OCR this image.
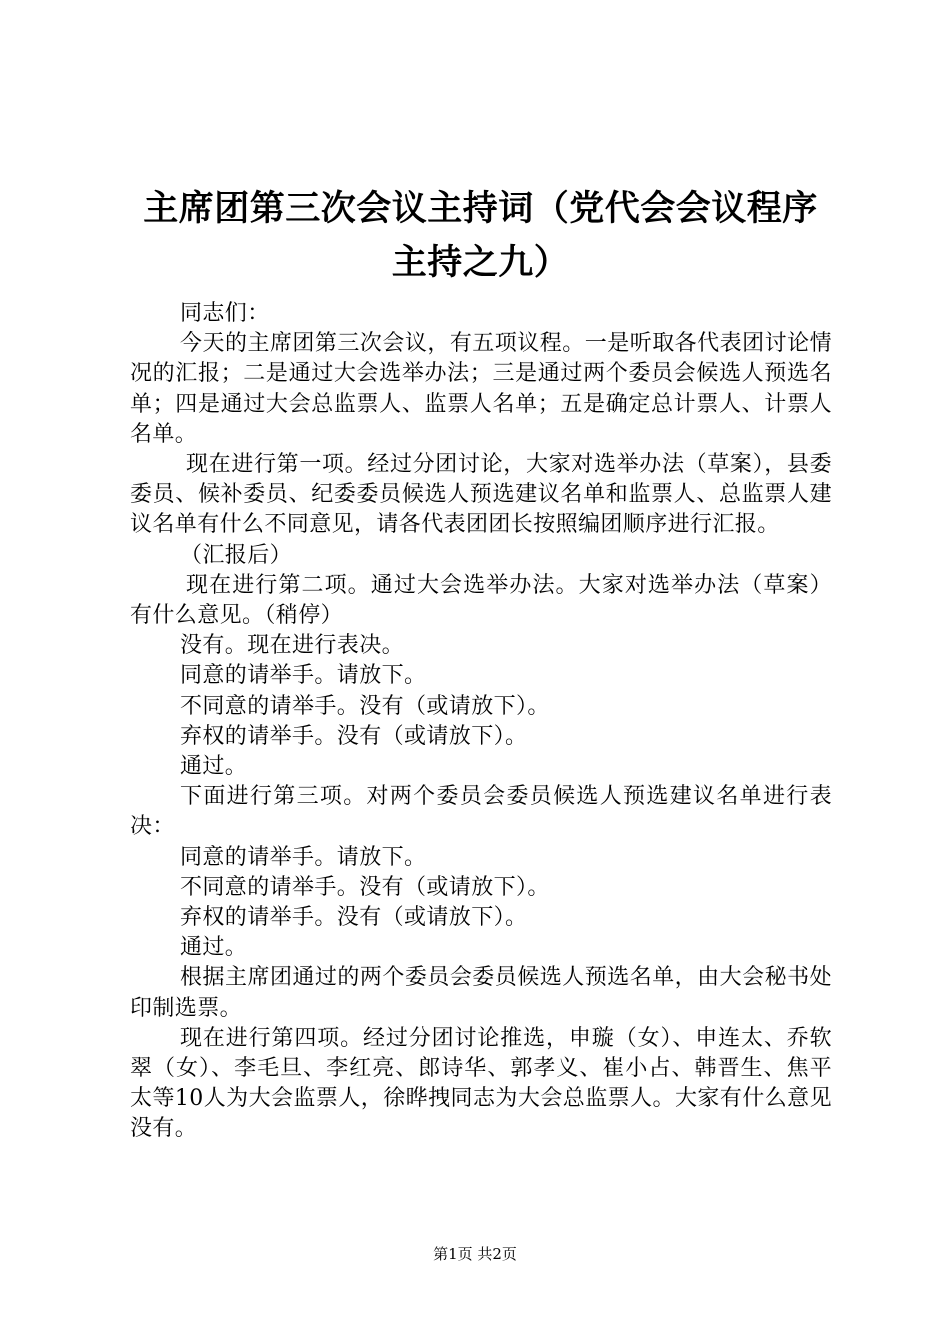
主席团第三次会议主持词（党代会会议程序主持之九）

同志们：

今天的主席团第三次会议，有五项议程。一是听取各代表团讨论情况的汇报；二是通过大会选举办法；三是通过两个委员会候选人预选名单；四是通过大会总监票人、监票人名单；五是确定总计票人、计票人名单。

现在进行第一项。经过分团讨论，大家对选举办法（草案），县委委员、候补委员、纪委委员候选人预选建议名单和监票人、总监票人建议名单有什么不同意见，请各代表团团长按照编团顺序进行汇报。

（汇报后）

现在进行第二项。通过大会选举办法。大家对选举办法（草案）有什么意见。（稍停）

没有。现在进行表决。

同意的请举手。请放下。

不同意的请举手。没有（或请放下）。

弃权的请举手。没有（或请放下）。

通过。

下面进行第三项。对两个委员会委员候选人预选建议名单进行表决：

同意的请举手。请放下。

不同意的请举手。没有（或请放下）。

弃权的请举手。没有（或请放下）。

通过。

根据主席团通过的两个委员会委员候选人预选名单，由大会秘书处印制选票。

现在进行第四项。经过分团讨论推选，申璇（女）、申连太、乔软翠（女）、李毛旦、李红亮、郎诗华、郭孝义、崔小占、韩晋生、焦平太等10人为大会监票人，徐晔拽同志为大会总监票人。大家有什么意见没有。

第1页 共2页
